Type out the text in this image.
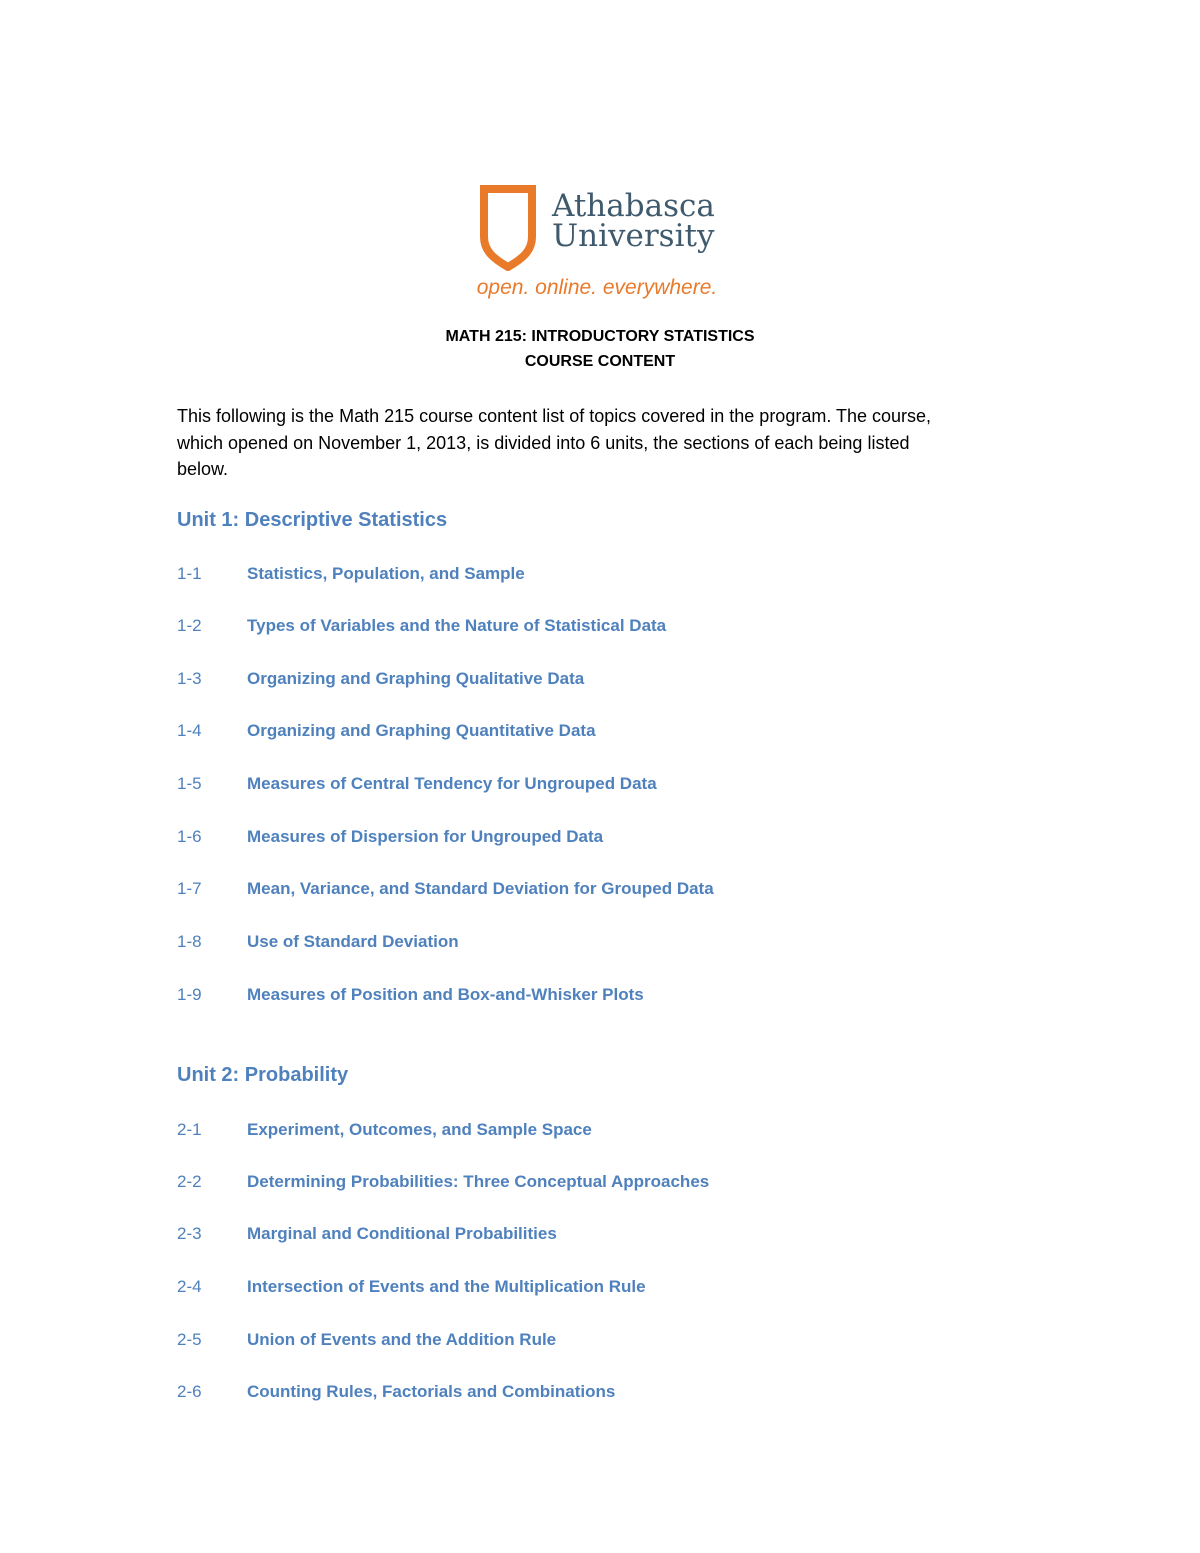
Athabasca
University
open. online. everywhere.
MATH 215: INTRODUCTORY STATISTICS
COURSE CONTENT
This following is the Math 215 course content list of topics covered in the program. The course,
which opened on November 1, 2013, is divided into 6 units, the sections of each being listed
below.
Unit 1: Descriptive Statistics
1-1	Statistics, Population, and Sample
1-2	Types of Variables and the Nature of Statistical Data
1-3	Organizing and Graphing Qualitative Data
1-4	Organizing and Graphing Quantitative Data
1-5	Measures of Central Tendency for Ungrouped Data
1-6	Measures of Dispersion for Ungrouped Data
1-7	Mean, Variance, and Standard Deviation for Grouped Data
1-8	Use of Standard Deviation
1-9	Measures of Position and Box-and-Whisker Plots
Unit 2: Probability
2-1	Experiment, Outcomes, and Sample Space
2-2	Determining Probabilities: Three Conceptual Approaches
2-3	Marginal and Conditional Probabilities
2-4	Intersection of Events and the Multiplication Rule
2-5	Union of Events and the Addition Rule
2-6	Counting Rules, Factorials and Combinations
